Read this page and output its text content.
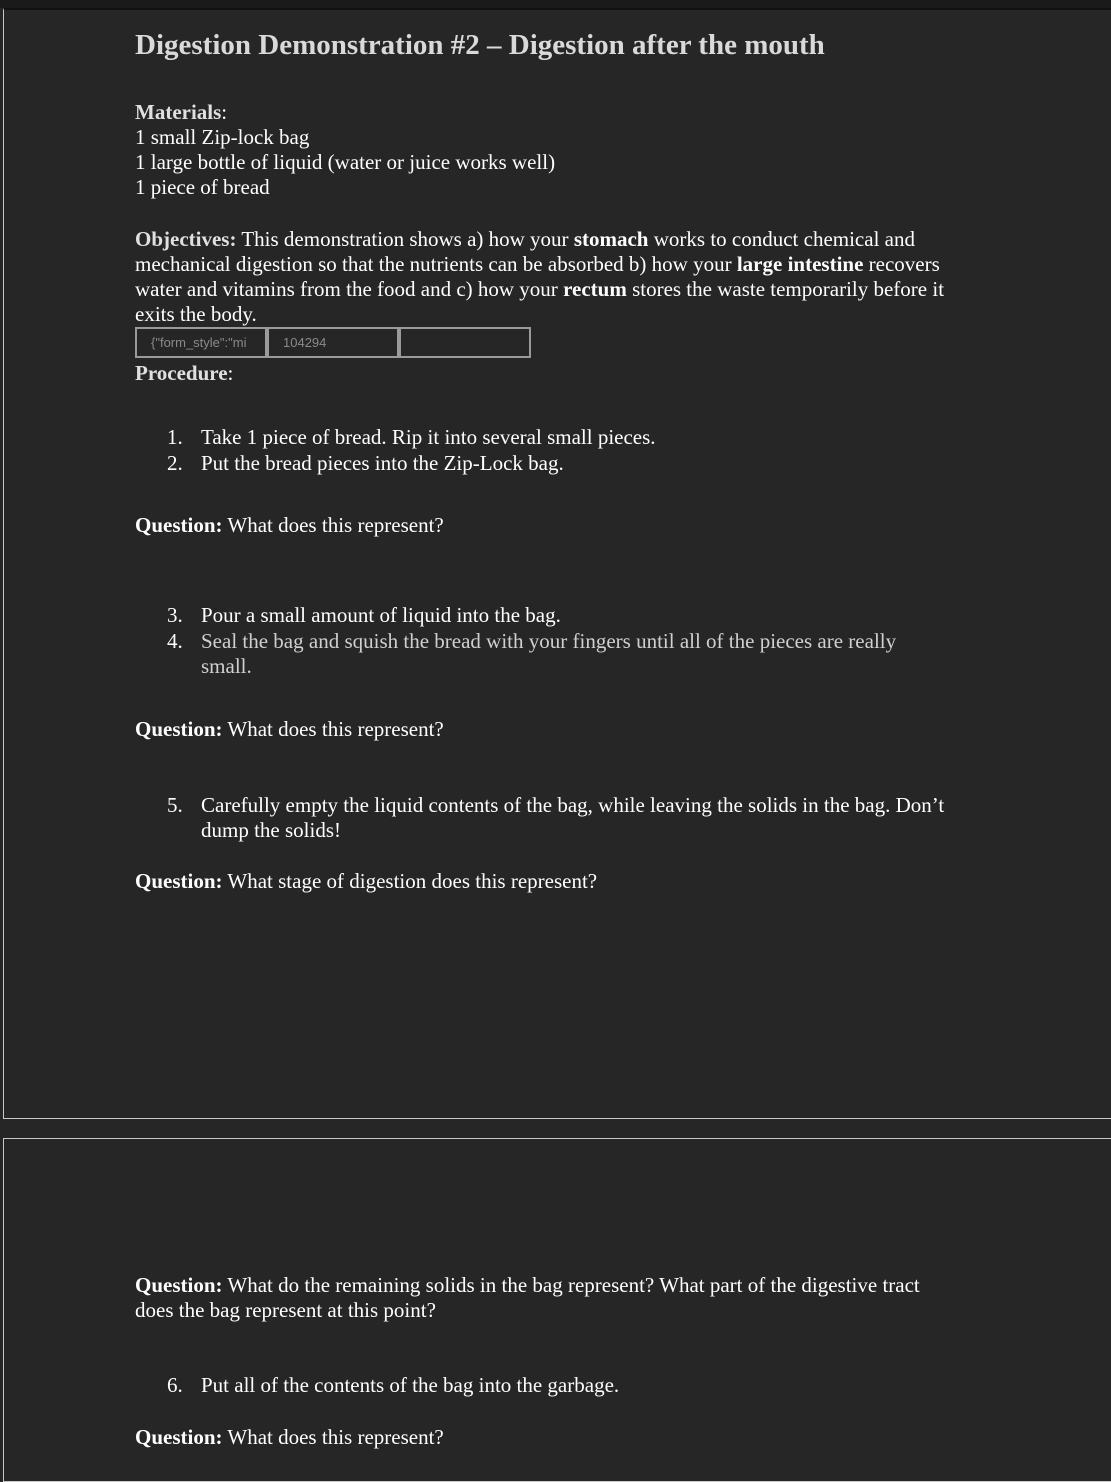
Digestion Demonstration #2 – Digestion after the mouth
Materials:
1 small Zip-lock bag
1 large bottle of liquid (water or juice works well)
1 piece of bread
Objectives: This demonstration shows a) how your stomach works to conduct chemical and
mechanical digestion so that the nutrients can be absorbed b) how your large intestine recovers
water and vitamins from the food and c) how your rectum stores the waste temporarily before it
exits the body.
{"form_style":"mi
104294
Procedure:
1. Take 1 piece of bread. Rip it into several small pieces.
2. Put the bread pieces into the Zip-Lock bag.
Question: What does this represent?
3. Pour a small amount of liquid into the bag.
4. Seal the bag and squish the bread with your fingers until all of the pieces are really
small.
Question: What does this represent?
5. Carefully empty the liquid contents of the bag, while leaving the solids in the bag. Don’t
dump the solids!
Question: What stage of digestion does this represent?
Question: What do the remaining solids in the bag represent? What part of the digestive tract
does the bag represent at this point?
6. Put all of the contents of the bag into the garbage.
Question: What does this represent?
